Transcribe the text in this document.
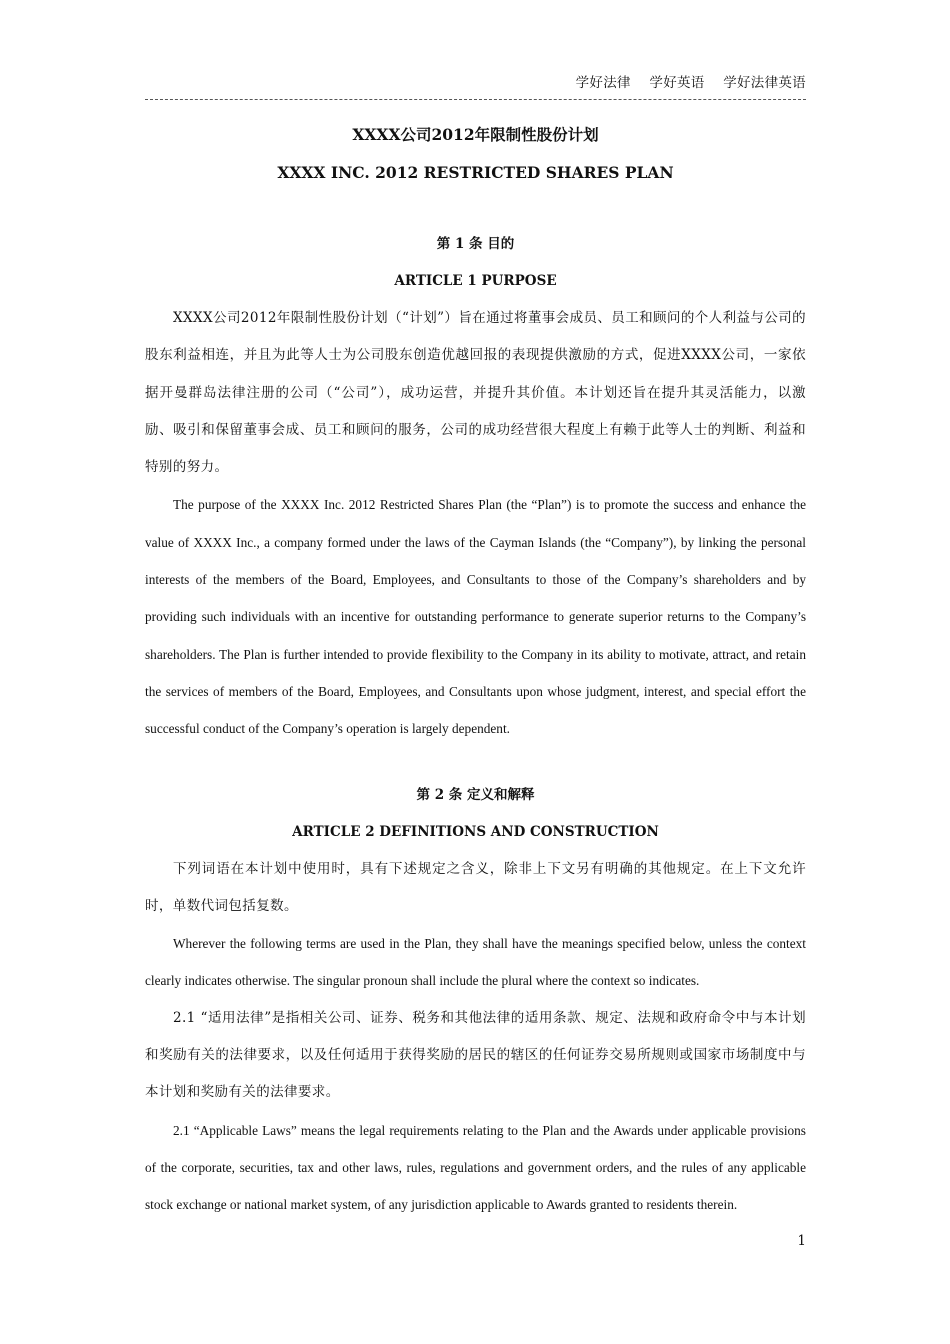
学好法律 学好英语 学好法律英语
XXXX公司2012年限制性股份计划
XXXX INC. 2012 RESTRICTED SHARES PLAN
第 1 条 目的
ARTICLE 1 PURPOSE

XXXX公司2012年限制性股份计划（“计划”）旨在通过将董事会成员、员工和顾问的个人利益与公司的股东利益相连，并且为此等人士为公司股东创造优越回报的表现提供激励的方式，促进XXXX公司，一家依据开曼群岛法律注册的公司（“公司”），成功运营，并提升其价值。本计划还旨在提升其灵活能力，以激励、吸引和保留董事会成、员工和顾问的服务，公司的成功经营很大程度上有赖于此等人士的判断、利益和特别的努力。

The purpose of the XXXX Inc. 2012 Restricted Shares Plan (the “Plan”) is to promote the success and enhance the value of XXXX Inc., a company formed under the laws of the Cayman Islands (the “Company”), by linking the personal interests of the members of the Board, Employees, and Consultants to those of the Company’s shareholders and by providing such individuals with an incentive for outstanding performance to generate superior returns to the Company’s shareholders. The Plan is further intended to provide flexibility to the Company in its ability to motivate, attract, and retain the services of members of the Board, Employees, and Consultants upon whose judgment, interest, and special effort the successful conduct of the Company’s operation is largely dependent.

第 2 条 定义和解释
ARTICLE 2 DEFINITIONS AND CONSTRUCTION

下列词语在本计划中使用时，具有下述规定之含义，除非上下文另有明确的其他规定。在上下文允许时，单数代词包括复数。

Wherever the following terms are used in the Plan, they shall have the meanings specified below, unless the context clearly indicates otherwise. The singular pronoun shall include the plural where the context so indicates.

2.1 “适用法律”是指相关公司、证券、税务和其他法律的适用条款、规定、法规和政府命令中与本计划和奖励有关的法律要求，以及任何适用于获得奖励的居民的辖区的任何证券交易所规则或国家市场制度中与本计划和奖励有关的法律要求。

2.1 “Applicable Laws” means the legal requirements relating to the Plan and the Awards under applicable provisions of the corporate, securities, tax and other laws, rules, regulations and government orders, and the rules of any applicable stock exchange or national market system, of any jurisdiction applicable to Awards granted to residents therein.

1
